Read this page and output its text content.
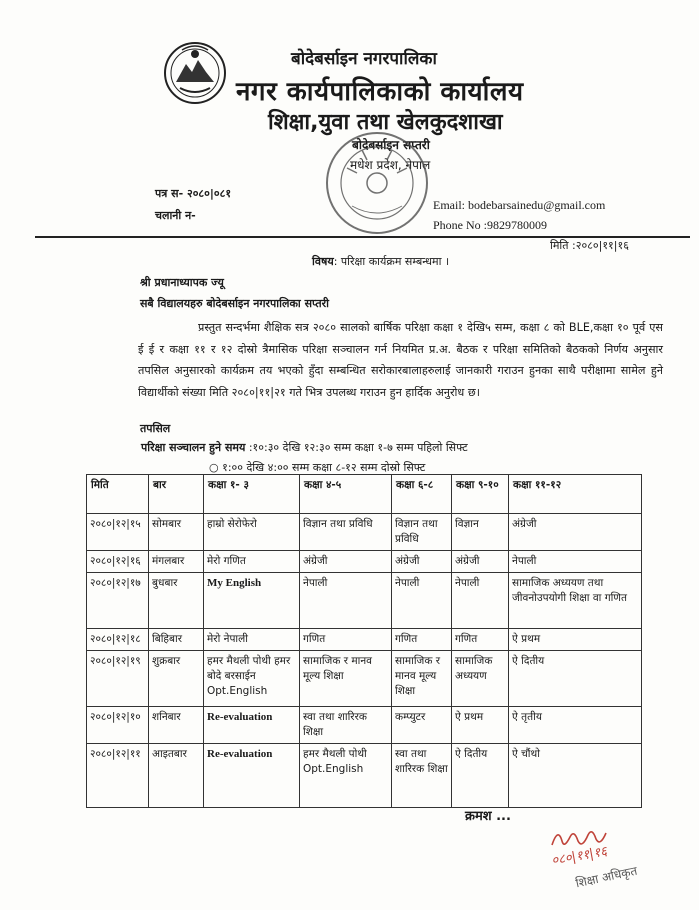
बोदेबर्साइन नगरपालिका
नगर कार्यपालिकाको कार्यालय
शिक्षा,युवा तथा खेलकुदशाखा
बोदेबर्साइन सप्तरी
मधेश प्रदेश, नेपाल
पत्र स- २०८०|०८१
चलानी न-
Email: bodebarsainedu@gmail.com
Phone No :9829780009
मिति :२०८०|११|१६
विषय: परिक्षा कार्यक्रम सम्बन्धमा ।
श्री प्रधानाध्यापक ज्यू
सबै विद्यालयहरु बोदेबर्साइन नगरपालिका सप्तरी
प्रस्तुत सन्दर्भमा शैक्षिक सत्र २०८० सालको बार्षिक परिक्षा कक्षा १ देखि५ सम्म, कक्षा ८ को BLE,कक्षा १० पूर्व एस ई ई र कक्षा ११ र १२ दोस्रो त्रैमासिक परिक्षा सञ्चालन गर्न नियमित प्र.अ. बैठक र परिक्षा समितिको बैठकको निर्णय अनुसार तपसिल अनुसारको कार्यक्रम तय भएको हुँदा सम्बन्धित सरोकारबालाहरुलाई जानकारी गराउन हुनका साथै परीक्षामा सामेल हुने विद्यार्थीको संख्या मिति २०८०|११|२१ गते भित्र उपलब्ध गराउन हुन हार्दिक अनुरोध छ।
तपसिल
परिक्षा सञ्चालन हुने समय :१०:३० देखि १२:३० सम्म कक्षा १-७ सम्म पहिलो सिफ्ट
○ १:०० देखि ४:०० सम्म कक्षा ८-१२ सम्म दोस्रो सिफ्ट
मिति	बार	कक्षा १- ३	कक्षा ४-५	कक्षा ६-८	कक्षा ९-१०	कक्षा ११-१२
२०८०|१२|१५	सोमबार	हाम्रो सेरोफेरो	विज्ञान तथा प्रविधि	विज्ञान तथा प्रविधि	विज्ञान	अंग्रेजी
२०८०|१२|१६	मंगलबार	मेरो गणित	अंग्रेजी	अंग्रेजी	अंग्रेजी	नेपाली
२०८०|१२|१७	बुधबार	My English	नेपाली	नेपाली	नेपाली	सामाजिक अध्ययण तथा जीवनोउपयोगी शिक्षा वा गणित
२०८०|१२|१८	बिहिबार	मेरो नेपाली	गणित	गणित	गणित	ऐ प्रथम
२०८०|१२|१९	शुक्रबार	हमर मैथली पोथी हमर बोदे बरसाईन Opt.English	सामाजिक र मानव मूल्य शिक्षा	सामाजिक र मानव मूल्य शिक्षा	सामाजिक अध्ययण	ऐ दितीय
२०८०|१२|१०	शनिबार	Re-evaluation	स्वा तथा शारिरक शिक्षा	कम्प्युटर	ऐ प्रथम	ऐ तृतीय
२०८०|१२|११	आइतबार	Re-evaluation	हमर मैथली पोथी Opt.English	स्वा तथा शारिरक शिक्षा	ऐ दितीय	ऐ चौंथो
क्रमश ...
०८०|११|१६
शिक्षा अधिकृत
